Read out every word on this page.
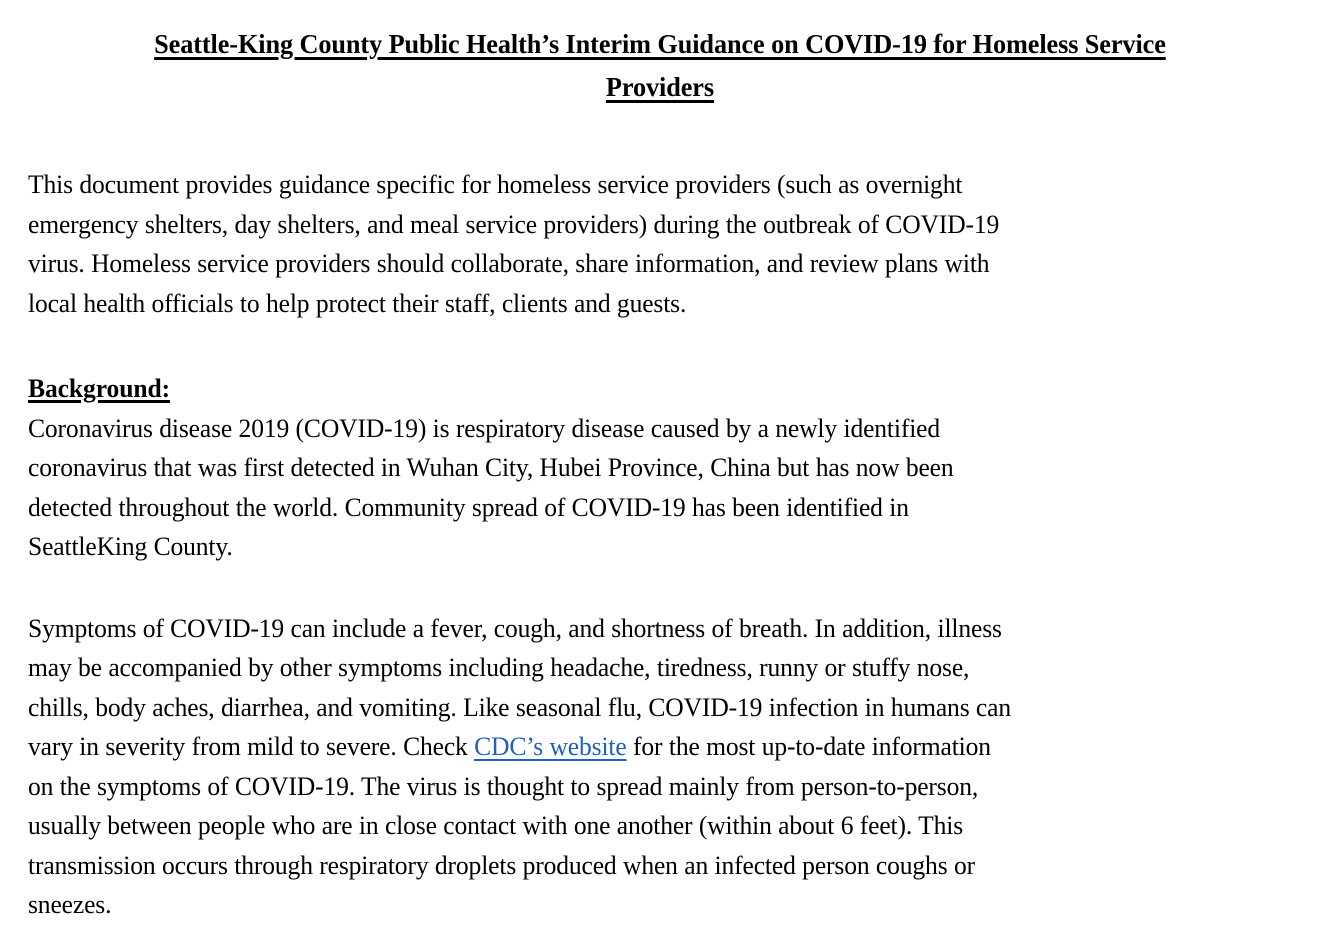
Seattle-King County Public Health’s Interim Guidance on COVID-19 for Homeless Service
Providers

This document provides guidance specific for homeless service providers (such as overnight
emergency shelters, day shelters, and meal service providers) during the outbreak of COVID-19
virus. Homeless service providers should collaborate, share information, and review plans with
local health officials to help protect their staff, clients and guests.

Background:

Coronavirus disease 2019 (COVID-19) is respiratory disease caused by a newly identified
coronavirus that was first detected in Wuhan City, Hubei Province, China but has now been
detected throughout the world. Community spread of COVID-19 has been identified in
SeattleKing County.

Symptoms of COVID-19 can include a fever, cough, and shortness of breath. In addition, illness
may be accompanied by other symptoms including headache, tiredness, runny or stuffy nose,
chills, body aches, diarrhea, and vomiting. Like seasonal flu, COVID-19 infection in humans can
vary in severity from mild to severe. Check CDC’s website for the most up-to-date information
on the symptoms of COVID-19. The virus is thought to spread mainly from person-to-person,
usually between people who are in close contact with one another (within about 6 feet). This
transmission occurs through respiratory droplets produced when an infected person coughs or
sneezes.
